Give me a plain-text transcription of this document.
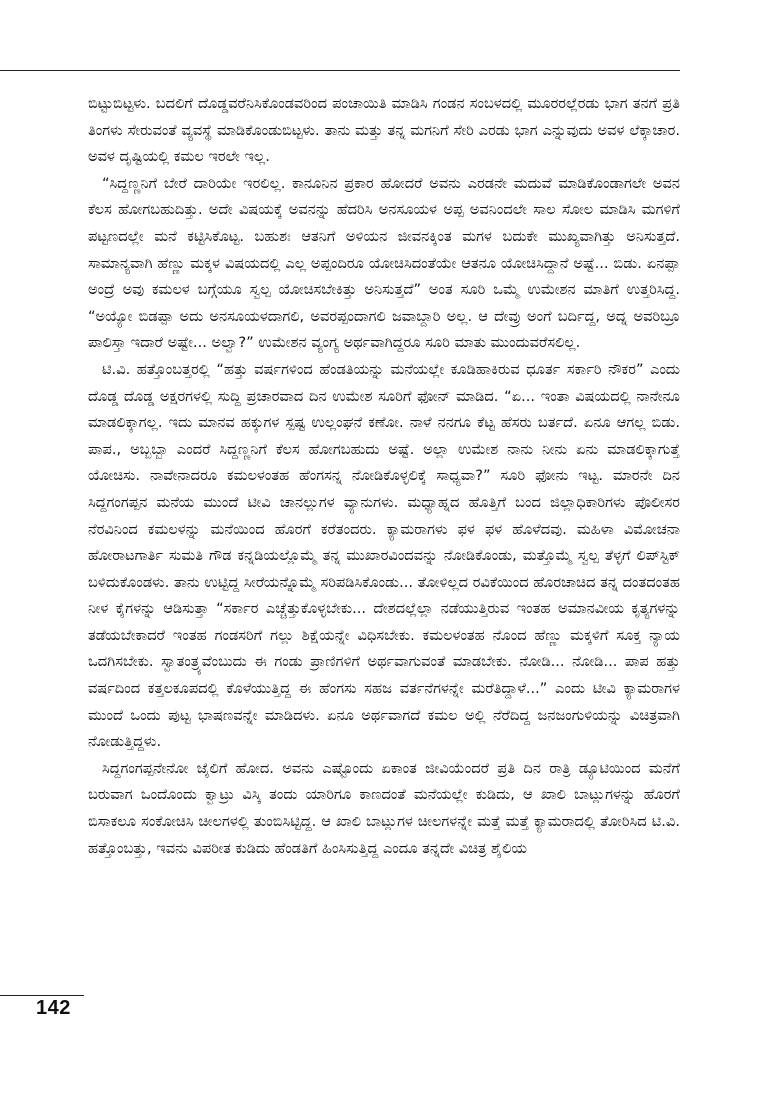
ಬಿಟ್ಟುಬಿಟ್ಟಳು. ಬದಲಿಗೆ ದೊಡ್ಡವರೆನಿಸಿಕೊಂಡವರಿಂದ ಪಂಚಾಯಿತಿ ಮಾಡಿಸಿ ಗಂಡನ ಸಂಬಳದಲ್ಲಿ ಮೂರರಲ್ಲೆರಡು ಭಾಗ ತನಗೆ ಪ್ರತಿ ತಿಂಗಳು ಸೇರುವಂತೆ ವ್ಯವಸ್ಥೆ ಮಾಡಿಕೊಂಡುಬಿಟ್ಟಳು. ತಾನು ಮತ್ತು ತನ್ನ ಮಗನಿಗೆ ಸೇರಿ ಎರಡು ಭಾಗ ಎನ್ನುವುದು ಅವಳ ಲೆಕ್ಕಾಚಾರ. ಅವಳ ದೃಷ್ಟಿಯಲ್ಲಿ ಕಮಲ ಇರಲೇ ಇಲ್ಲ.

“ಸಿದ್ದಣ್ಣನಿಗೆ ಬೇರೆ ದಾರಿಯೇ ಇರಲಿಲ್ಲ. ಕಾನೂನಿನ ಪ್ರಕಾರ ಹೋದರೆ ಅವನು ಎರಡನೇ ಮದುವೆ ಮಾಡಿಕೊಂಡಾಗಲೇ ಅವನ ಕೆಲಸ ಹೋಗಬಹುದಿತ್ತು. ಅದೇ ವಿಷಯಕ್ಕೆ ಅವನನ್ನು ಹೆದರಿಸಿ ಅನಸೂಯಳ ಅಪ್ಪ ಅವನಿಂದಲೇ ಸಾಲ ಸೋಲ ಮಾಡಿಸಿ ಮಗಳಿಗೆ ಪಟ್ಟಣದಲ್ಲೇ ಮನೆ ಕಟ್ಟಿಸಿಕೊಟ್ಟ. ಬಹುಶಃ ಆತನಿಗೆ ಅಳಿಯನ ಜೀವನಕ್ಕಿಂತ ಮಗಳ ಬದುಕೇ ಮುಖ್ಯವಾಗಿತ್ತು ಅನಿಸುತ್ತದೆ. ಸಾಮಾನ್ಯವಾಗಿ ಹೆಣ್ಣು ಮಕ್ಕಳ ವಿಷಯದಲ್ಲಿ ಎಲ್ಲ ಅಪ್ಪಂದಿರೂ ಯೋಚಿಸಿದಂತೆಯೇ ಆತನೂ ಯೋಚಿಸಿದ್ದಾನೆ ಅಷ್ಟೆ... ಬಿಡು. ಏನಪ್ಪಾ ಅಂದ್ರೆ ಅವು ಕಮಲಳ ಬಗ್ಗೆಯೂ ಸ್ವಲ್ಪ ಯೋಚಿಸಬೇಕಿತ್ತು ಅನಿಸುತ್ತದೆ” ಅಂತ ಸೂರಿ ಒಮ್ಮೆ ಉಮೇಶನ ಮಾತಿಗೆ ಉತ್ತರಿಸಿದ್ದ. “ಅಯ್ಯೋ ಬಿಡಪ್ಪಾ ಅದು ಅನಸೂಯಳದಾಗಲಿ, ಅವರಪ್ಪಂದಾಗಲಿ ಜವಾಬ್ದಾರಿ ಅಲ್ಲ. ಆ ದೇವ್ರು ಅಂಗೆ ಬರ್ದಿದ್ದ, ಅದ್ನ ಅವರಿಬ್ರೂ ಪಾಲಿಸ್ತಾ ಇದಾರೆ ಅಷ್ಟೇ... ಅಲ್ವಾ?” ಉಮೇಶನ ವ್ಯಂಗ್ಯ ಅರ್ಥವಾಗಿದ್ದರೂ ಸೂರಿ ಮಾತು ಮುಂದುವರೆಸಲಿಲ್ಲ.

ಟಿ.ವಿ. ಹತ್ತೊಂಬತ್ತರಲ್ಲಿ “ಹತ್ತು ವರ್ಷಗಳಿಂದ ಹೆಂಡತಿಯನ್ನು ಮನೆಯಲ್ಲೇ ಕೂಡಿಹಾಕಿರುವ ಧೂರ್ತ ಸರ್ಕಾರಿ ನೌಕರ” ಎಂದು ದೊಡ್ಡ ದೊಡ್ಡ ಅಕ್ಷರಗಳಲ್ಲಿ ಸುದ್ದಿ ಪ್ರಚಾರವಾದ ದಿನ ಉಮೇಶ ಸೂರಿಗೆ ಫೋನ್ ಮಾಡಿದ. “ಏ... ಇಂತಾ ವಿಷಯದಲ್ಲಿ ನಾನೇನೂ ಮಾಡಲಿಕ್ಕಾಗಲ್ಲ. ಇದು ಮಾನವ ಹಕ್ಕುಗಳ ಸ್ಪಷ್ಟ ಉಲ್ಲಂಘನೆ ಕಣೋ. ನಾಳೆ ನನಗೂ ಕೆಟ್ಟ ಹೆಸರು ಬರ್ತದೆ. ಏನೂ ಆಗಲ್ಲ ಬಿಡು. ಪಾಪ., ಅಬ್ಬಬ್ಬಾ ಎಂದರೆ ಸಿದ್ದಣ್ಣನಿಗೆ ಕೆಲಸ ಹೋಗಬಹುದು ಅಷ್ಟೆ. ಅಲ್ಲಾ ಉಮೇಶ ನಾನು ನೀನು ಏನು ಮಾಡಲಿಕ್ಕಾಗುತ್ತೆ ಯೋಚಿಸು. ನಾವೇನಾದರೂ ಕಮಲಳಂತಹ ಹೆಂಗಸನ್ನ ನೋಡಿಕೊಳ್ಳಲಿಕ್ಕೆ ಸಾಧ್ಯವಾ?” ಸೂರಿ ಫೋನು ಇಟ್ಟ. ಮಾರನೇ ದಿನ ಸಿದ್ದಗಂಗಪ್ಪನ ಮನೆಯ ಮುಂದೆ ಟೀವಿ ಚಾನಲ್ಲುಗಳ ವ್ಯಾನುಗಳು. ಮಧ್ಯಾಹ್ನದ ಹೊತ್ತಿಗೆ ಬಂದ ಜಿಲ್ಲಾಧಿಕಾರಿಗಳು ಪೊಲೀಸರ ನೆರವಿನಿಂದ ಕಮಲಳನ್ನು ಮನೆಯಿಂದ ಹೊರಗೆ ಕರೆತಂದರು. ಕ್ಯಾಮರಾಗಳು ಫಳ ಫಳ ಹೊಳೆದವು. ಮಹಿಳಾ ವಿಮೋಚನಾ ಹೋರಾಟಗಾರ್ತಿ ಸುಮತಿ ಗೌಡ ಕನ್ನಡಿಯಲ್ಲೊಮ್ಮೆ ತನ್ನ ಮುಖಾರವಿಂದವನ್ನು ನೋಡಿಕೊಂಡು, ಮತ್ತೊಮ್ಮೆ ಸ್ವಲ್ಪ ತೆಳ್ಳಗೆ ಲಿಪ್‌ಸ್ಟಿಕ್ ಬಳಿದುಕೊಂಡಳು. ತಾನು ಉಟ್ಟಿದ್ದ ಸೀರೆಯನ್ನೊಮ್ಮೆ ಸರಿಪಡಿಸಿಕೊಂಡು... ತೋಳಿಲ್ಲದ ರವಿಕೆಯಿಂದ ಹೊರಚಾಚಿದ ತನ್ನ ದಂತದಂತಹ ನೀಳ ಕೈಗಳನ್ನು ಆಡಿಸುತ್ತಾ “ಸರ್ಕಾರ ಎಚ್ಚೆತ್ತುಕೊಳ್ಳಬೇಕು... ದೇಶದಲ್ಲೆಲ್ಲಾ ನಡೆಯುತ್ತಿರುವ ಇಂತಹ ಅಮಾನವೀಯ ಕೃತ್ಯಗಳನ್ನು ತಡೆಯಬೇಕಾದರೆ ಇಂತಹ ಗಂಡಸರಿಗೆ ಗಲ್ಲು ಶಿಕ್ಷೆಯನ್ನೇ ವಿಧಿಸಬೇಕು. ಕಮಲಳಂತಹ ನೊಂದ ಹೆಣ್ಣು ಮಕ್ಕಳಿಗೆ ಸೂಕ್ತ ನ್ಯಾಯ ಒದಗಿಸಬೇಕು. ಸ್ವಾತಂತ್ರ್ಯವೆಂಬುದು ಈ ಗಂಡು ಪ್ರಾಣಿಗಳಿಗೆ ಅರ್ಥವಾಗುವಂತೆ ಮಾಡಬೇಕು. ನೋಡಿ... ನೋಡಿ... ಪಾಪ ಹತ್ತು ವರ್ಷದಿಂದ ಕತ್ತಲಕೂಪದಲ್ಲಿ ಕೊಳೆಯುತ್ತಿದ್ದ ಈ ಹೆಂಗಸು ಸಹಜ ವರ್ತನೆಗಳನ್ನೇ ಮರೆತಿದ್ದಾಳೆ...” ಎಂದು ಟೀವಿ ಕ್ಯಾಮರಾಗಳ ಮುಂದೆ ಒಂದು ಪುಟ್ಟ ಭಾಷಣವನ್ನೇ ಮಾಡಿದಳು. ಏನೂ ಅರ್ಥವಾಗದೆ ಕಮಲ ಅಲ್ಲಿ ನೆರೆದಿದ್ದ ಜನಜಂಗುಳಿಯನ್ನು ವಿಚಿತ್ರವಾಗಿ ನೋಡುತ್ತಿದ್ದಳು.

ಸಿದ್ದಗಂಗಪ್ಪನೇನೋ ಜೈಲಿಗೆ ಹೋದ. ಅವನು ಎಷ್ಟೊಂದು ಏಕಾಂತ ಜೀವಿಯೆಂದರೆ ಪ್ರತಿ ದಿನ ರಾತ್ರಿ ಡ್ಯೂಟಿಯಿಂದ ಮನೆಗೆ ಬರುವಾಗ ಒಂದೊಂದು ಕ್ವಾಟ್ರು ವಿಸ್ಕಿ ತಂದು ಯಾರಿಗೂ ಕಾಣದಂತೆ ಮನೆಯಲ್ಲೇ ಕುಡಿದು, ಆ ಖಾಲಿ ಬಾಟ್ಲುಗಳನ್ನು ಹೊರಗೆ ಬಿಸಾಕಲೂ ಸಂಕೋಚಿಸಿ ಚೀಲಗಳಲ್ಲಿ ತುಂಬಿಸಿಟ್ಟಿದ್ದ. ಆ ಖಾಲಿ ಬಾಟ್ಲುಗಳ ಚೀಲಗಳನ್ನೇ ಮತ್ತೆ ಮತ್ತೆ ಕ್ಯಾಮರಾದಲ್ಲಿ ತೋರಿಸಿದ ಟಿ.ವಿ. ಹತ್ತೊಂಬತ್ತು, ಇವನು ವಿಪರೀತ ಕುಡಿದು ಹೆಂಡತಿಗೆ ಹಿಂಸಿಸುತ್ತಿದ್ದ ಎಂದೂ ತನ್ನದೇ ವಿಚಿತ್ರ ಶೈಲಿಯ

142
